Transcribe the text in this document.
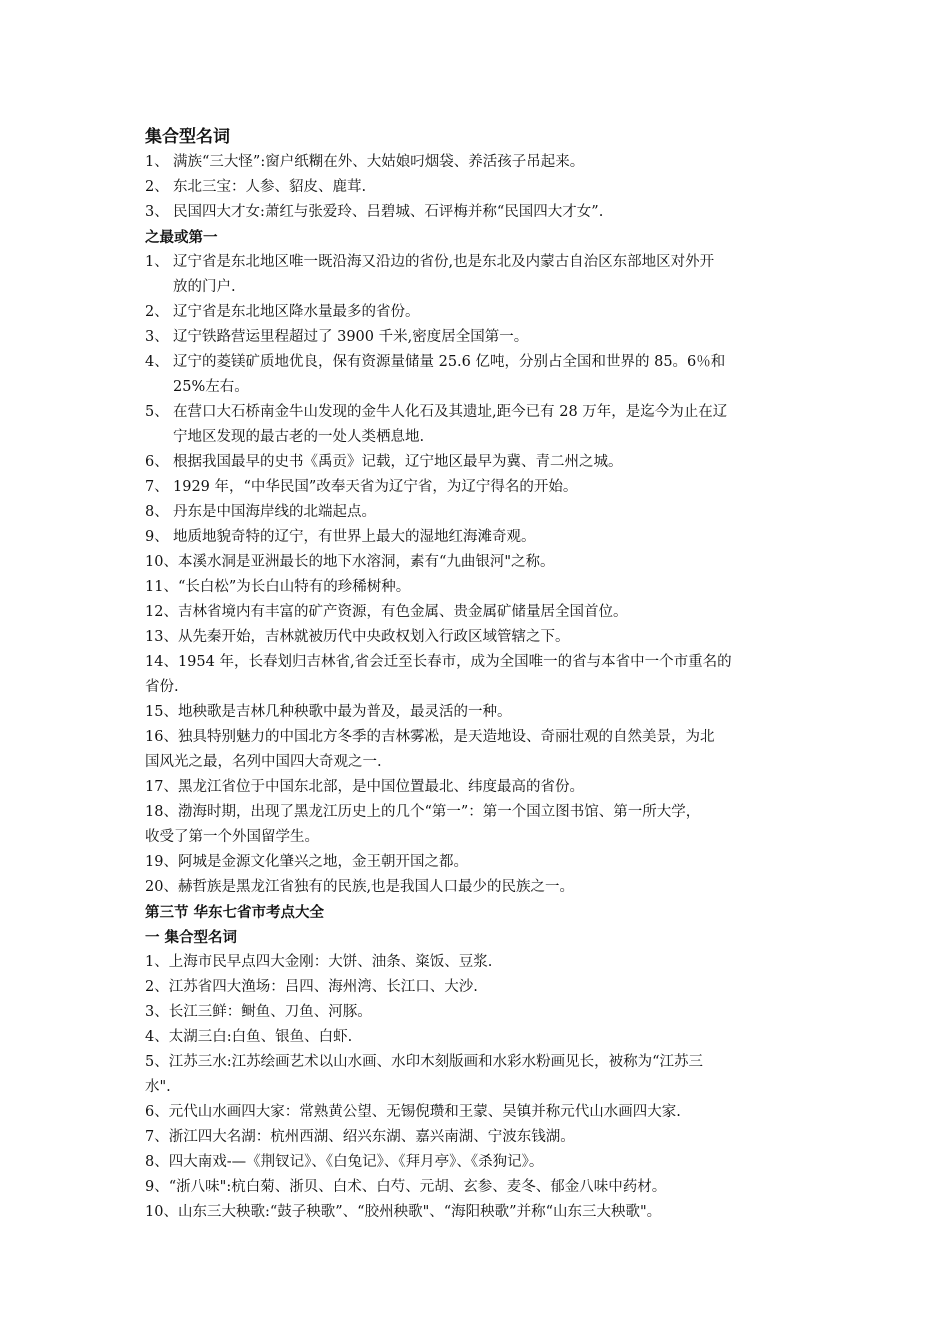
集合型名词
1、 满族“三大怪”:窗户纸糊在外、大姑娘叼烟袋、养活孩子吊起来。
2、 东北三宝：人参、貂皮、鹿茸.
3、 民国四大才女:萧红与张爱玲、吕碧城、石评梅并称“民国四大才女”.
之最或第一
1、 辽宁省是东北地区唯一既沿海又沿边的省份,也是东北及内蒙古自治区东部地区对外开
放的门户.
2、 辽宁省是东北地区降水量最多的省份。
3、 辽宁铁路营运里程超过了 3900 千米,密度居全国第一。
4、 辽宁的菱镁矿质地优良，保有资源量储量 25.6 亿吨，分别占全国和世界的 85。6％和
25%左右。
5、 在营口大石桥南金牛山发现的金牛人化石及其遗址,距今已有 28 万年，是迄今为止在辽
宁地区发现的最古老的一处人类栖息地.
6、 根据我国最早的史书《禹贡》记载，辽宁地区最早为冀、青二州之城。
7、 1929 年，“中华民国”改奉天省为辽宁省，为辽宁得名的开始。
8、 丹东是中国海岸线的北端起点。
9、 地质地貌奇特的辽宁，有世界上最大的湿地红海滩奇观。
10、本溪水洞是亚洲最长的地下水溶洞，素有“九曲银河"之称。
11、“长白松”为长白山特有的珍稀树种。
12、吉林省境内有丰富的矿产资源，有色金属、贵金属矿储量居全国首位。
13、从先秦开始，吉林就被历代中央政权划入行政区域管辖之下。
14、1954 年，长春划归吉林省,省会迁至长春市，成为全国唯一的省与本省中一个市重名的
省份.
15、地秧歌是吉林几种秧歌中最为普及，最灵活的一种。
16、独具特别魅力的中国北方冬季的吉林雾凇，是天造地设、奇丽壮观的自然美景，为北
国风光之最，名列中国四大奇观之一.
17、黑龙江省位于中国东北部，是中国位置最北、纬度最高的省份。
18、渤海时期，出现了黑龙江历史上的几个“第一”：第一个国立图书馆、第一所大学，
收受了第一个外国留学生。
19、阿城是金源文化肇兴之地，金王朝开国之都。
20、赫哲族是黑龙江省独有的民族,也是我国人口最少的民族之一。
第三节 华东七省市考点大全
一 集合型名词
1、上海市民早点四大金刚：大饼、油条、粢饭、豆浆.
2、江苏省四大渔场：吕四、海州湾、长江口、大沙.
3、长江三鲜：鲥鱼、刀鱼、河豚。
4、太湖三白:白鱼、银鱼、白虾.
5、江苏三水:江苏绘画艺术以山水画、水印木刻版画和水彩水粉画见长，被称为“江苏三
水".
6、元代山水画四大家：常熟黄公望、无锡倪瓒和王蒙、吴镇并称元代山水画四大家.
7、浙江四大名湖：杭州西湖、绍兴东湖、嘉兴南湖、宁波东钱湖。
8、四大南戏-—《荆钗记》、《白兔记》、《拜月亭》、《杀狗记》。
9、“浙八味":杭白菊、浙贝、白术、白芍、元胡、玄参、麦冬、郁金八味中药材。
10、山东三大秧歌:“鼓子秧歌”、“胶州秧歌"、“海阳秧歌”并称“山东三大秧歌"。
